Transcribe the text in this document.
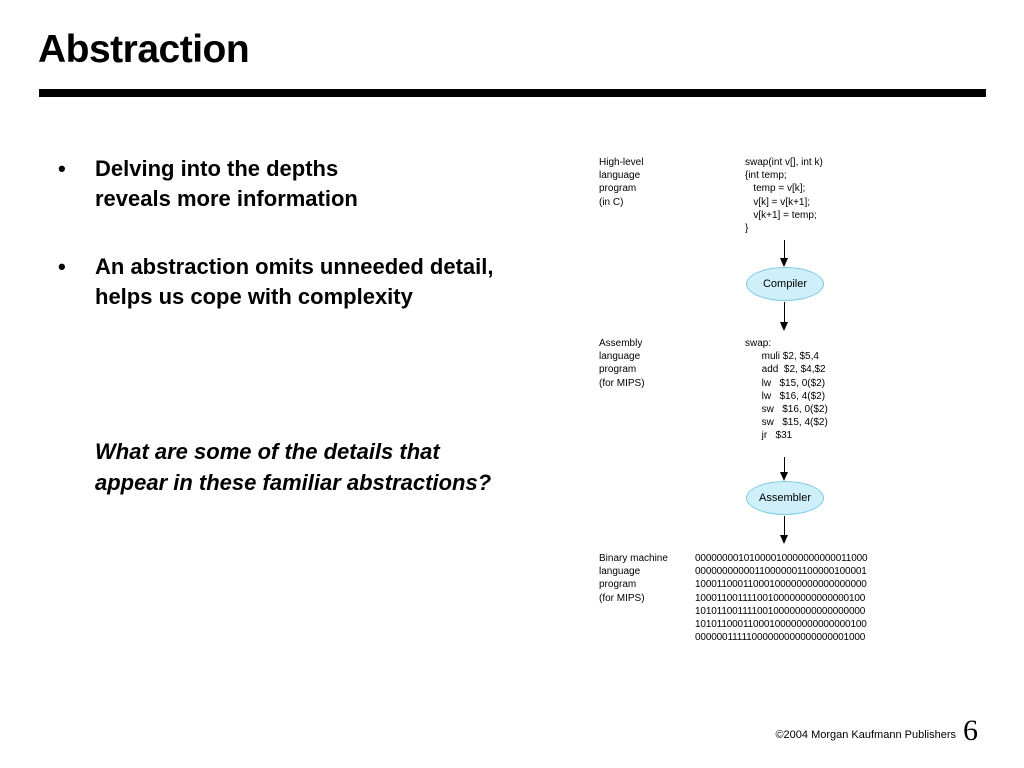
Abstraction
• Delving into the depths
reveals more information
• An abstraction omits unneeded detail,
helps us cope with complexity
What are some of the details that
appear in these familiar abstractions?
High-level
language
program
(in C)
swap(int v[], int k)
{int temp;
temp = v[k];
v[k] = v[k+1];
v[k+1] = temp;
}
Compiler
Assembly
language
program
(for MIPS)
swap:
muli $2, $5,4
add  $2, $4,$2
lw   $15, 0($2)
lw   $16, 4($2)
sw   $16, 0($2)
sw   $15, 4($2)
jr   $31
Assembler
Binary machine
language
program
(for MIPS)
00000000101000010000000000011000
00000000000110000001100000100001
10001100011000100000000000000000
10001100111100100000000000000100
10101100111100100000000000000000
10101100011000100000000000000100
00000011111000000000000000001000
©2004 Morgan Kaufmann Publishers 6
